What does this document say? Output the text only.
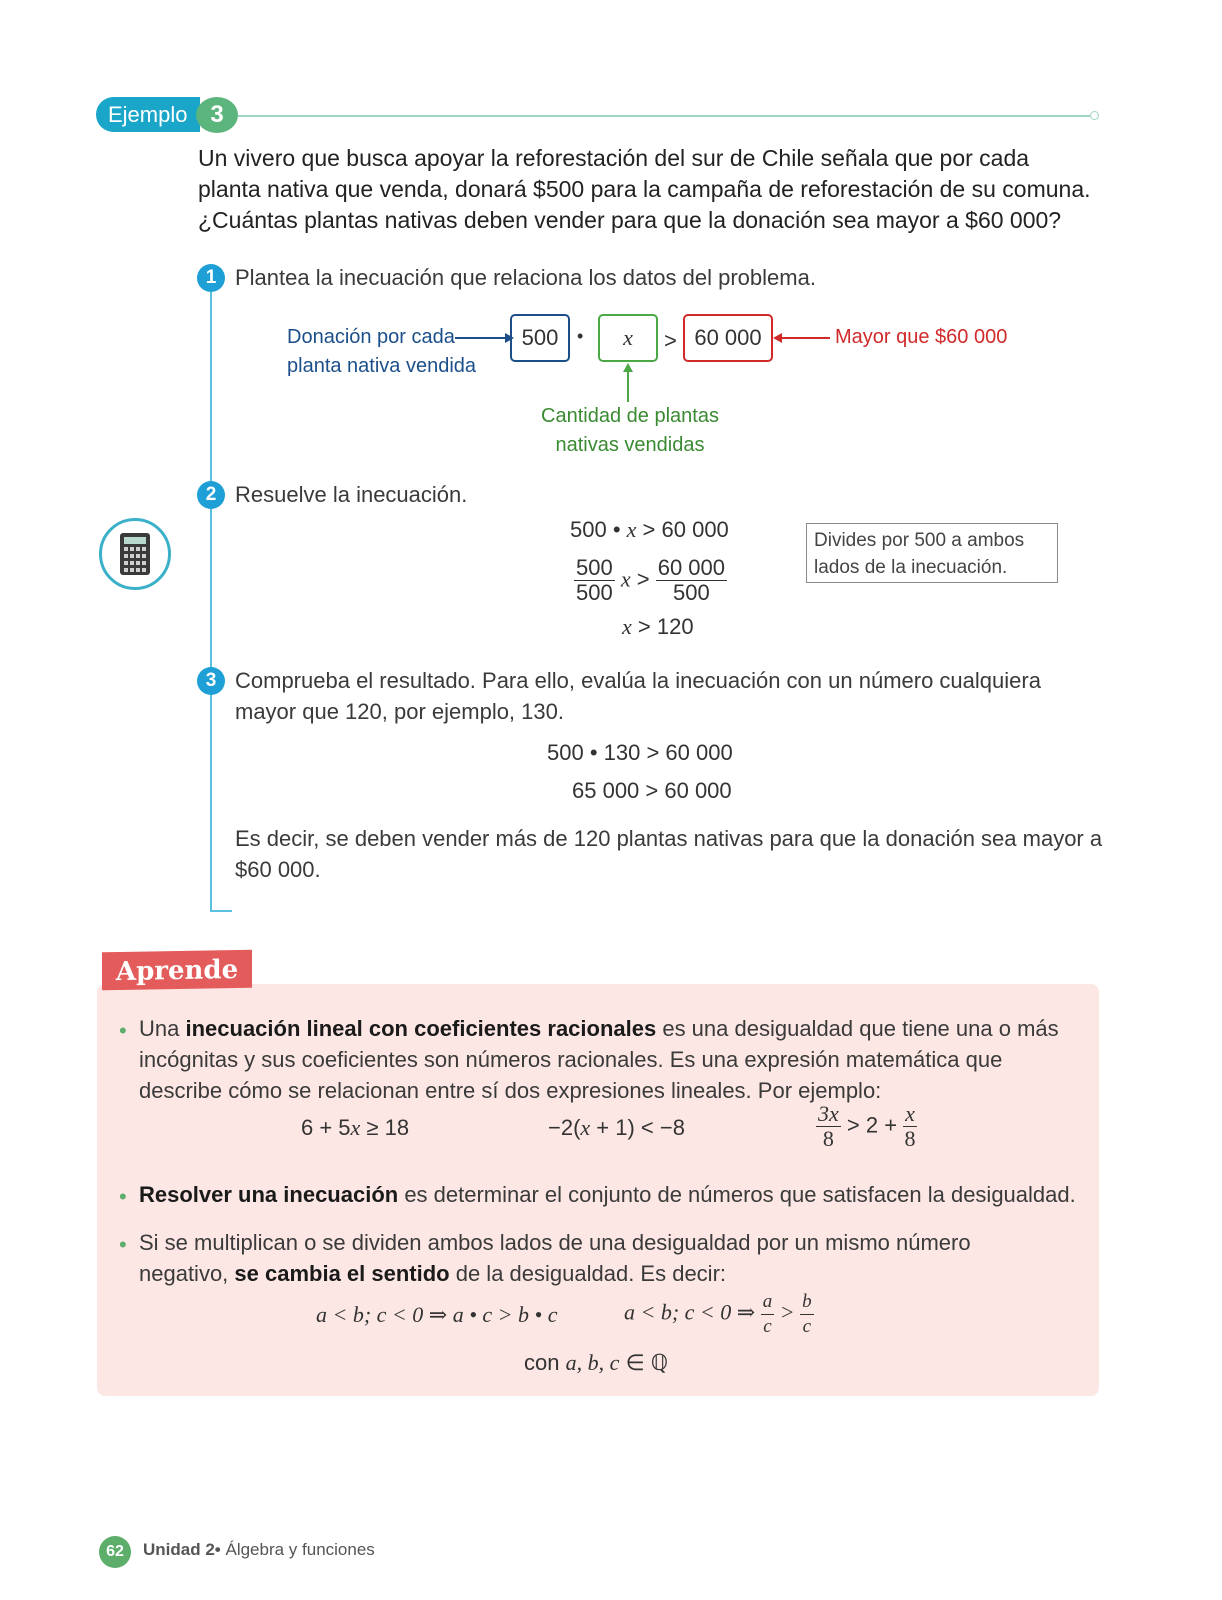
Ejemplo 3
Un vivero que busca apoyar la reforestación del sur de Chile señala que por cada
planta nativa que venda, donará $500 para la campaña de reforestación de su comuna.
¿Cuántas plantas nativas deben vender para que la donación sea mayor a $60 000?
1 Plantea la inecuación que relaciona los datos del problema.
Donación por cada
planta nativa vendida
500	•	x	> 60 000	Mayor que $60 000
Cantidad de plantas
nativas vendidas
2 Resuelve la inecuación.
500 • x > 60 000
$\frac{500}{500}$ $x > \frac{60 000}{500}$
x > 120
Divides por 500 a ambos
lados de la inecuación.
3 Comprueba el resultado. Para ello, evalúa la inecuación con un número cualquiera
mayor que 120, por ejemplo, 130.
500 • 130 > 60 000
65 000 > 60 000
Es decir, se deben vender más de 120 plantas nativas para que la donación sea mayor a
$60 000.
Aprende
• Una inecuación lineal con coeficientes racionales es una desigualdad que tiene una o más
incógnitas y sus coeficientes son números racionales. Es una expresión matemática que
describe cómo se relacionan entre sí dos expresiones lineales. Por ejemplo:
6 + 5x ≥ 18	−2(x + 1) < −8	$\frac{3x}{8} > 2 + \frac{x}{8}$
• Resolver una inecuación es determinar el conjunto de números que satisfacen la desigualdad.
• Si se multiplican o se dividen ambos lados de una desigualdad por un mismo número
negativo, se cambia el sentido de la desigualdad. Es decir:
a < b; c < 0 ⇒ a • c > b • c	a < b; c < 0 ⇒ $\frac{a}{c} > \frac{b}{c}$
con a, b, c ∈ ℚ
62	Unidad 2• Álgebra y funciones
